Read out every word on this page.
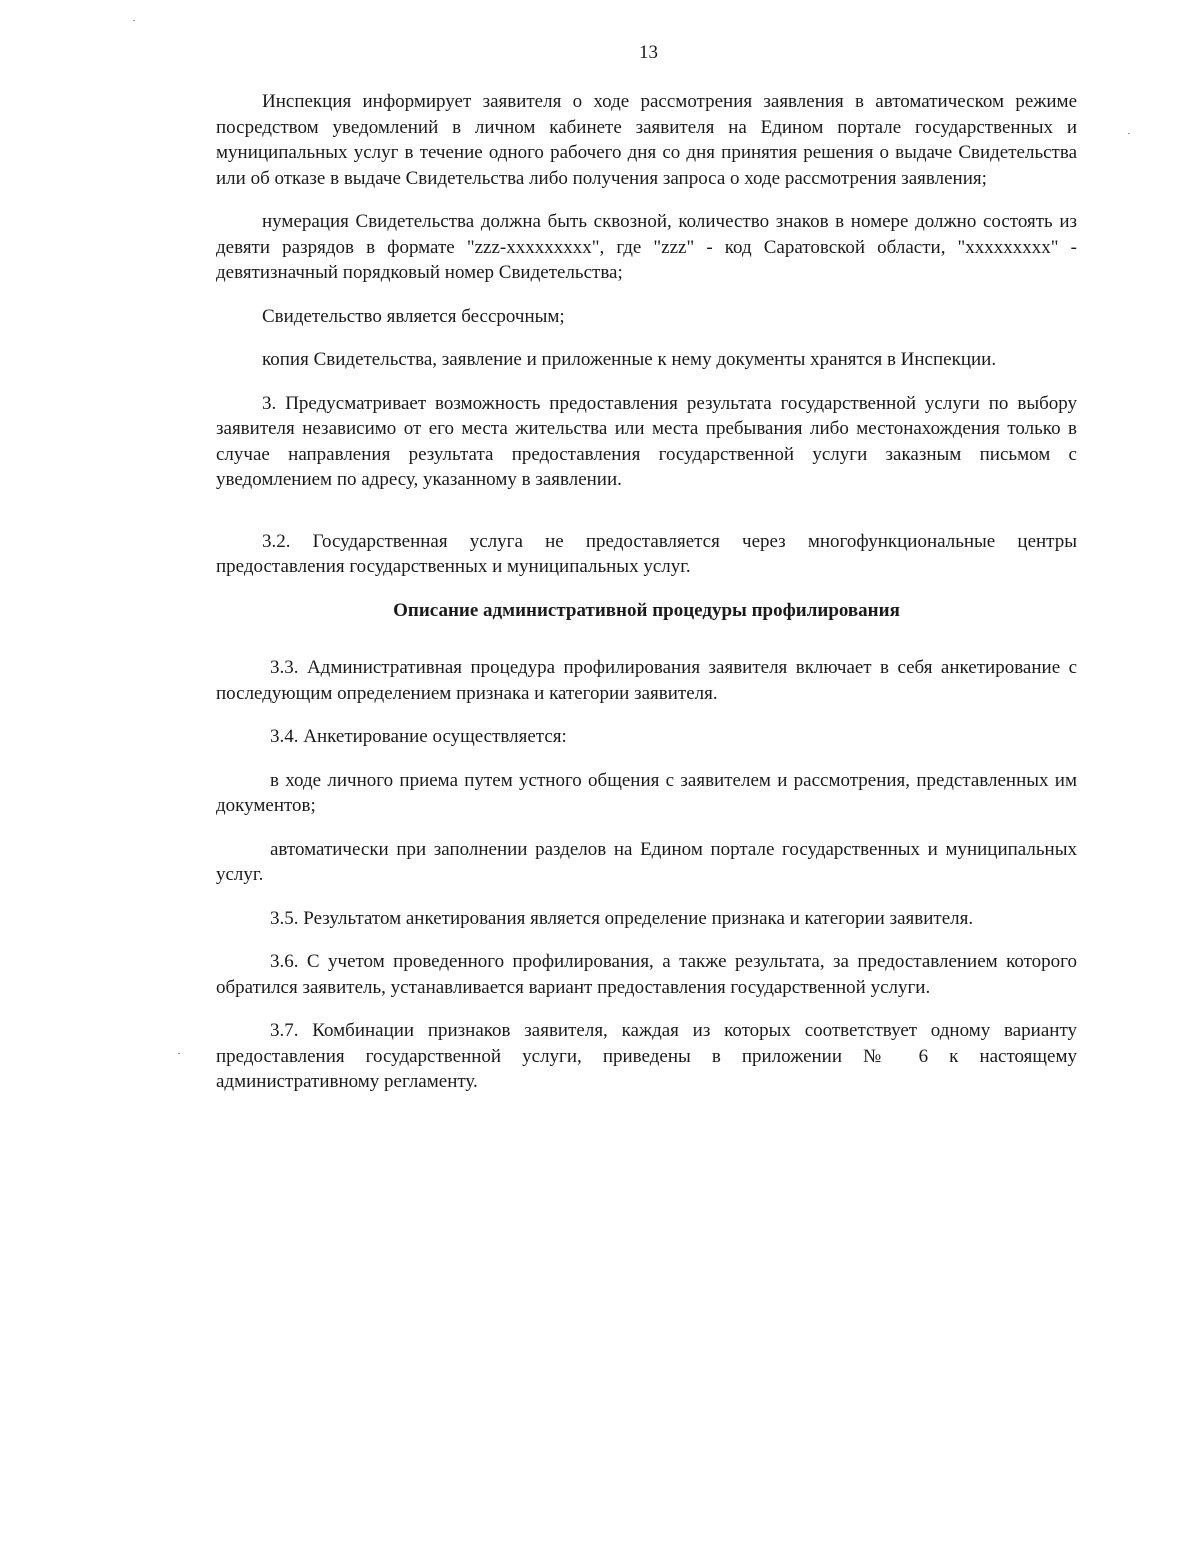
13

Инспекция информирует заявителя о ходе рассмотрения заявления в автоматическом режиме посредством уведомлений в личном кабинете заявителя на Едином портале государственных и муниципальных услуг в течение одного рабочего дня со дня принятия решения о выдаче Свидетельства или об отказе в выдаче Свидетельства либо получения запроса о ходе рассмотрения заявления;

нумерация Свидетельства должна быть сквозной, количество знаков в номере должно состоять из девяти разрядов в формате "zzz-xxxxxxxxx", где "zzz" - код Саратовской области, "xxxxxxxxx" - девятизначный порядковый номер Свидетельства;

Свидетельство является бессрочным;

копия Свидетельства, заявление и приложенные к нему документы хранятся в Инспекции.

3. Предусматривает возможность предоставления результата государственной услуги по выбору заявителя независимо от его места жительства или места пребывания либо местонахождения только в случае направления результата предоставления государственной услуги заказным письмом с уведомлением по адресу, указанному в заявлении.

3.2. Государственная услуга не предоставляется через многофункциональные центры предоставления государственных и муниципальных услуг.

Описание административной процедуры профилирования

3.3. Административная процедура профилирования заявителя включает в себя анкетирование с последующим определением признака и категории заявителя.

3.4. Анкетирование осуществляется:

в ходе личного приема путем устного общения с заявителем и рассмотрения, представленных им документов;

автоматически при заполнении разделов на Едином портале государственных и муниципальных услуг.

3.5. Результатом анкетирования является определение признака и категории заявителя.

3.6. С учетом проведенного профилирования, а также результата, за предоставлением которого обратился заявитель, устанавливается вариант предоставления государственной услуги.

3.7. Комбинации признаков заявителя, каждая из которых соответствует одному варианту предоставления государственной услуги, приведены в приложении № 6 к настоящему административному регламенту.
